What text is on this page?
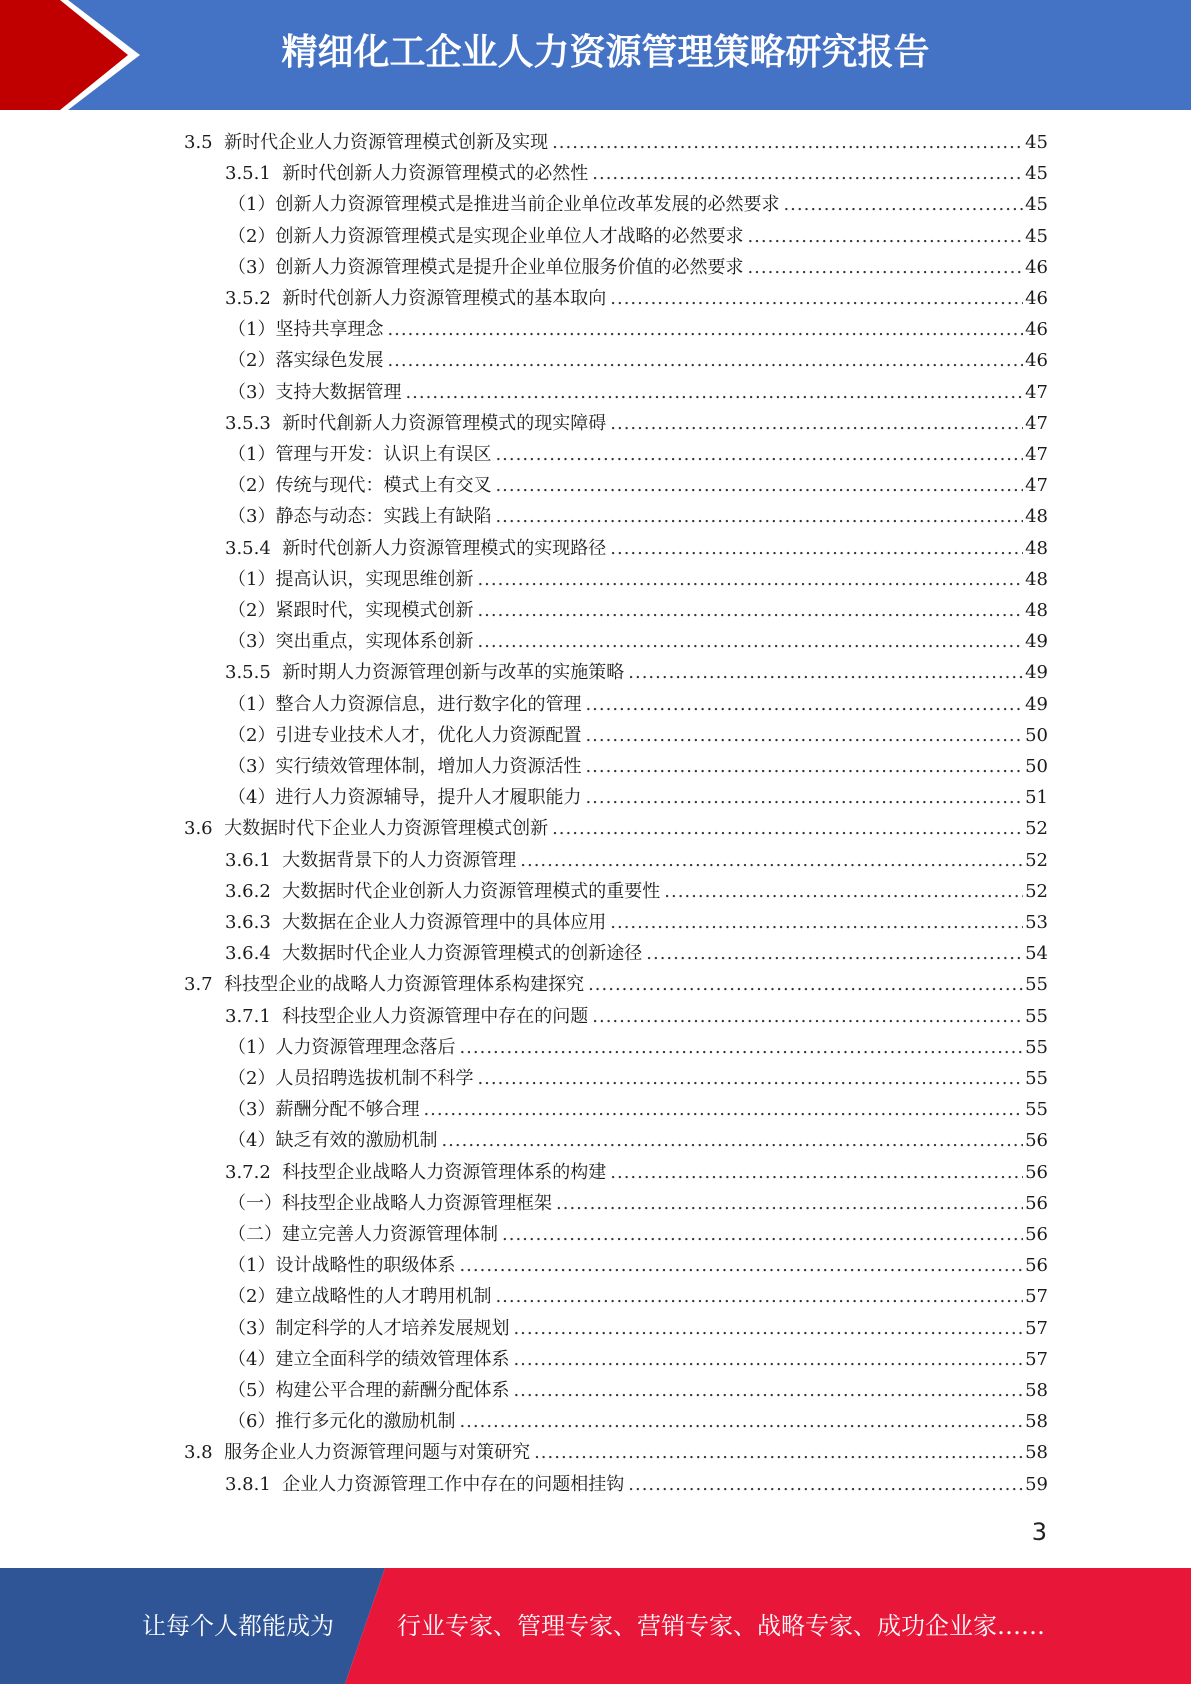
精细化工企业人力资源管理策略研究报告
3.5 新时代企业人力资源管理模式创新及实现 .....	45
3.5.1 新时代创新人力资源管理模式的必然性 .....	45
（1） 创新人力资源管理模式是推进当前企业单位改革发展的必然要求 .....	45
（2） 创新人力资源管理模式是实现企业单位人才战略的必然要求 .....	45
（3） 创新人力资源管理模式是提升企业单位服务价值的必然要求 .....	46
3.5.2 新时代创新人力资源管理模式的基本取向 .....	46
（1） 坚持共享理念 .....	46
（2） 落实绿色发展 .....	46
（3） 支持大数据管理 .....	47
3.5.3 新时代創新人力资源管理模式的现实障碍 .....	47
（1） 管理与开发：认识上有误区 .....	47
（2） 传统与现代：模式上有交叉 .....	47
（3） 静态与动态：实践上有缺陷 .....	48
3.5.4 新时代创新人力资源管理模式的实现路径 .....	48
（1） 提高认识，实现思维创新 .....	48
（2） 紧跟时代，实现模式创新 .....	48
（3） 突出重点，实现体系创新 .....	49
3.5.5 新时期人力资源管理创新与改革的实施策略 .....	49
（1） 整合人力资源信息，进行数字化的管理 .....	49
（2） 引进专业技术人才，优化人力资源配置 .....	50
（3） 实行绩效管理体制，增加人力资源活性 .....	50
（4） 进行人力资源辅导，提升人才履职能力 .....	51
3.6 大数据时代下企业人力资源管理模式创新 .....	52
3.6.1 大数据背景下的人力资源管理 .....	52
3.6.2 大数据时代企业创新人力资源管理模式的重要性 .....	52
3.6.3 大数据在企业人力资源管理中的具体应用 .....	53
3.6.4 大数据时代企业人力资源管理模式的创新途径 .....	54
3.7 科技型企业的战略人力资源管理体系构建探究 .....	55
3.7.1 科技型企业人力资源管理中存在的问题 .....	55
（1） 人力资源管理理念落后 .....	55
（2） 人员招聘选拔机制不科学 .....	55
（3） 薪酬分配不够合理 .....	55
（4） 缺乏有效的激励机制 .....	56
3.7.2 科技型企业战略人力资源管理体系的构建 .....	56
（一） 科技型企业战略人力资源管理框架 .....	56
（二） 建立完善人力资源管理体制 .....	56
（1） 设计战略性的职级体系 .....	56
（2） 建立战略性的人才聘用机制 .....	57
（3） 制定科学的人才培养发展规划 .....	57
（4） 建立全面科学的绩效管理体系 .....	57
（5） 构建公平合理的薪酬分配体系 .....	58
（6） 推行多元化的激励机制 .....	58
3.8 服务企业人力资源管理问题与对策研究 .....	58
3.8.1 企业人力资源管理工作中存在的问题相挂钩 .....	59
3
让每个人都能成为	行业专家、管理专家、营销专家、战略专家、成功企业家……
